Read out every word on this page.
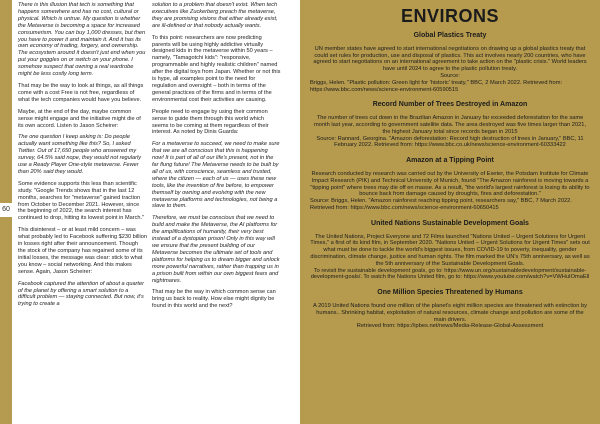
60

There is this illusion that tech is something that happens somewhere and has no cost, cultural or physical. Which is untrue. My question is whether the Metaverse is becoming a space for increased consumerism. You can buy 1,000 dresses, but then you have to power it and maintain it. And it has its own economy of trading, forgery, and ownership. The ecosystem around it doesn't just end when you put your goggles on or switch on your phone. I somehow suspect that owning a real wardrobe might be less costly long term.

That may be the way to look at things, as all things come with a cost Free is not free, regardless of what the tech companies would have you believe.

Maybe, at the end of the day, maybe common sense might engage and the initiative might die of its own accord. Listen to Jason Scheirer:

The one question I keep asking is: Do people actually want something like this? So, I asked Twitter. Out of 17,650 people who answered my survey, 64.5% said nope, they would not regularly use a Ready Player One-style metaverse. Fewer than 20% said they would.

Some evidence supports this less than scientific study. "Google Trends shows that in the last 12 months, searches for "metaverse" gained traction from October to December 2021. However, since the beginning of 2022, the search interest has continued to drop, hitting its lowest point in March."

This disinterest – or at least mild concern – was what probably led to Facebook suffering $230 billion in losses right after their announcement. Though the stock of the company has regained some of its initial losses, the message was clear: stick to what you know – social networking. And this makes sense. Again, Jason Scheirer:

Facebook captured the attention of about a quarter of the planet by offering a smart solution to a difficult problem — staying connected. But now, it's trying to create a

solution to a problem that doesn't exist. When tech executives like Zuckerberg preach the metaverse, they are promising visions that either already exist, are ill-defined or that nobody actually wants.

To this point: researchers are now predicting parents will be using highly addictive virtually designed kids in the metaverse within 50 years – namely, "Tamagotchi kids": "responsive, programmable and highly realistic children" named after the digital toys from Japan. Whether or not this is hype, all examples point to the need for regulation and oversight – both in terms of the general practices of the firms and in terms of the environmental cost their activities are causing.

People need to engage by using their common sense to guide them through this world which seems to be coming at them regardless of their interest. As noted by Dinis Guarda:

For a metaverse to succeed, we need to make sure that we are all conscious that this is happening now! It is part of all of our life's present, not in the far flung future! The Metaverse needs to be built by all of us, with conscience, seamless and trusted, where the citizen — each of us — uses these new tools, like the invention of fire before, to empower themself by owning and evolving with the new metaverse platforms and technologies, not being a slave to them.

Therefore, we must be conscious that we need to build and make the Metaverse, the AI platforms for the amplifications of humanity, their very best instead of a dystopian prison! Only in this way will we ensure that the present building of our Metaverse becomes the ultimate set of tools and platforms for helping us to dream bigger and unlock more powerful narratives, rather than trapping us in a prison built from within our own biggest fears and nightmares.

That may be the way in which common sense can bring us back to reality. How else might dignity be found in this world and the next?

ENVIRONS
Global Plastics Treaty
UN member states have agreed to start international negotiations on drawing up a global plastics treaty that could set rules for production, use and disposal of plastics. This act involves nearly 200 countries, who have agreed to start negotiations on an international agreement to take action on the "plastic crisis." World leaders have until 2024 to agree to the plastic pollution treaty.
Source:
Briggs, Helen. "Plastic pollution: Green light for 'historic' treaty," BBC, 2 March 2022. Retrieved from: https://www.bbc.com/news/science-environment-60590515
Record Number of Trees Destroyed in Amazon
The number of trees cut down in the Brazilian Amazon in January far exceeded deforestation for the same month last year, according to government satellite data. The area destroyed was five times larger than 2021, the highest January total since records began in 2015
Source: Rannard, Georgina. "Amazon deforestation: Record high destruction of trees in January," BBC, 11 February 2022. Retrieved from: https://www.bbc.co.uk/news/science-environment-60333422
Amazon at a Tipping Point
Research conducted by research was carried out by the University of Exeter, the Potsdam Institute for Climate Impact Research (PIK) and Technical University of Munich, found "The Amazon rainforest is moving towards a "tipping point" where trees may die off en masse. As a result, "the world's largest rainforest is losing its ability to bounce back from damage caused by droughts, fires and deforestation."
Source: Briggs, Helen. "Amazon rainforest reaching tipping point, researchers say," BBC, 7 March 2022. Retrieved from: https://www.bbc.com/news/science-environment-60650415
United Nations Sustainable Development Goals
The United Nations, Project Everyone and 72 Films launched "Nations United – Urgent Solutions for Urgent Times," a first of its kind film, in September 2020. "Nations United – Urgent Solutions for Urgent Times" sets out what must be done to tackle the world's biggest issues, from COVID-19 to poverty, inequality, gender discrimination, climate change, justice and human rights. The film marked the UN's 75th anniversary, as well as the 5th anniversary of the Sustainable Development Goals.
To revisit the sustainable development goals, go to: https://www.un.org/sustainabledevelopment/sustainable-development-goals/. To watch the Nations United film, go to: https://www.youtube.com/watch?v=VWHuIOmaEll
One Million Species Threatened by Humans
A 2019 United Nations found one million of the planet's eight million species are threatened with extinction by humans.. Shrinking habitat, exploitation of natural resources, climate change and pollution are some of the main drivers.
Retrieved from: https://ipbes.net/news/Media-Release-Global-Assessment
